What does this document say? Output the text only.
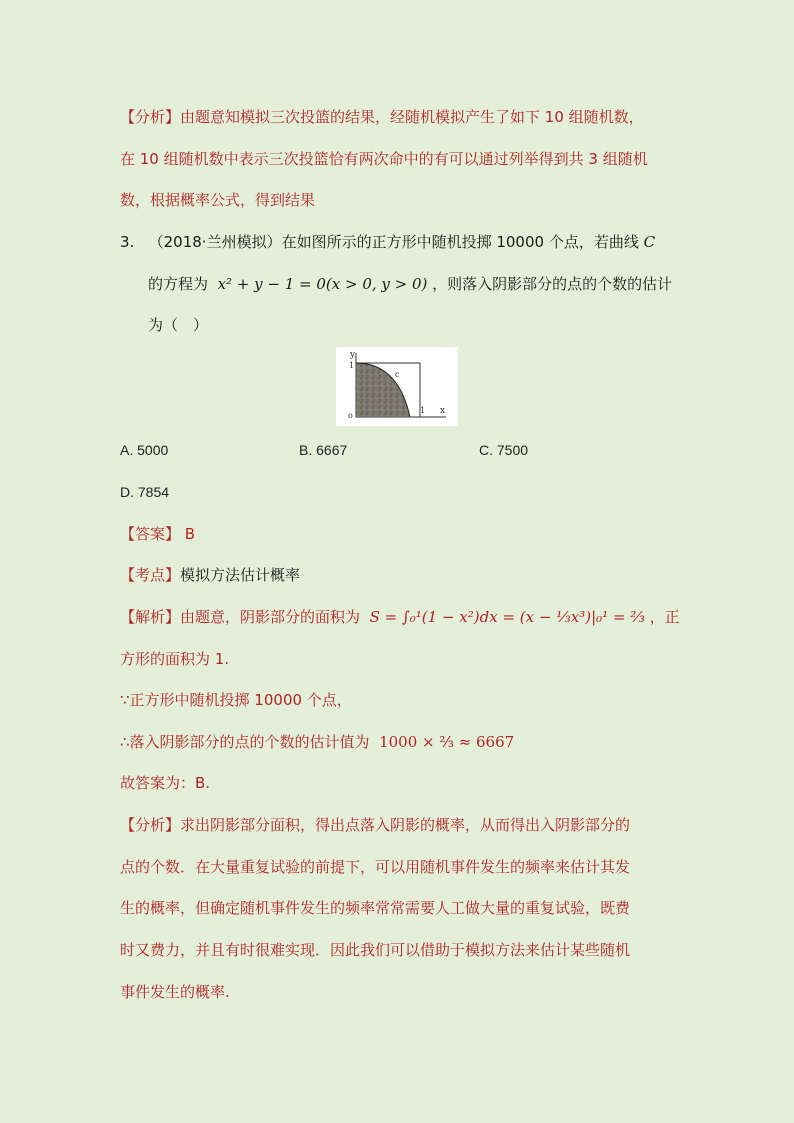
【分析】由题意知模拟三次投篮的结果，经随机模拟产生了如下 10 组随机数，
在 10 组随机数中表示三次投篮恰有两次命中的有可以通过列举得到共 3 组随机
数，根据概率公式，得到结果
3. （2018·兰州模拟）在如图所示的正方形中随机投掷 10000 个点，若曲线 C
的方程为 x² + y − 1 = 0(x > 0, y > 0) ，则落入阴影部分的点的个数的估计
为（　）
y
x
1
1
o
c
A. 5000	B. 6667	C. 7500
D. 7854
【答案】 B
【考点】模拟方法估计概率
【解析】由题意，阴影部分的面积为 S = ∫₀¹(1 − x²)dx = (x − ⅓x³)|₀¹ = ⅔ ，正
方形的面积为 1.
∵正方形中随机投掷 10000 个点，
∴落入阴影部分的点的个数的估计值为 1000 × ⅔ ≈ 6667
故答案为：B.
【分析】求出阴影部分面积，得出点落入阴影的概率，从而得出入阴影部分的
点的个数．在大量重复试验的前提下，可以用随机事件发生的频率来估计其发
生的概率，但确定随机事件发生的频率常常需要人工做大量的重复试验，既费
时又费力，并且有时很难实现．因此我们可以借助于模拟方法来估计某些随机
事件发生的概率.
